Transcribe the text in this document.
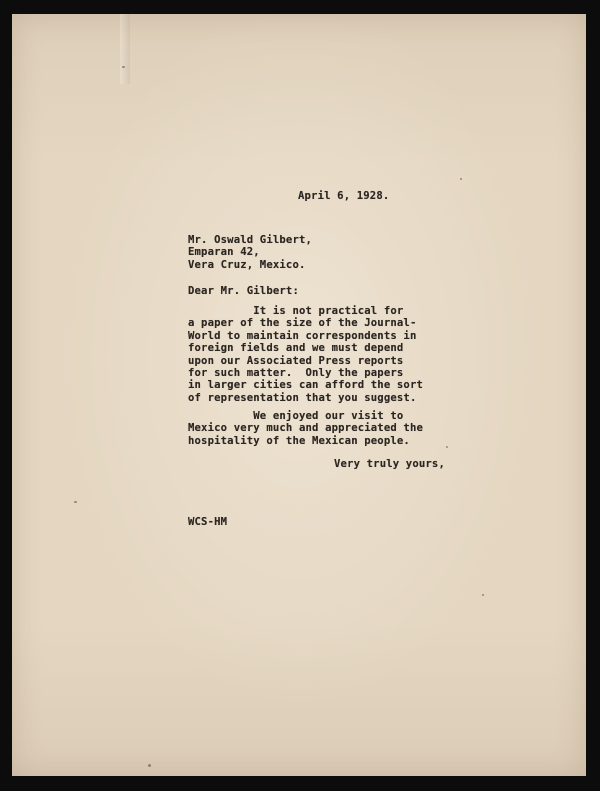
April 6, 1928.
Mr. Oswald Gilbert,
Emparan 42,
Vera Cruz, Mexico.
Dear Mr. Gilbert:
It is not practical for
a paper of the size of the Journal-
World to maintain correspondents in
foreign fields and we must depend
upon our Associated Press reports
for such matter.  Only the papers
in larger cities can afford the sort
of representation that you suggest.
We enjoyed our visit to
Mexico very much and appreciated the
hospitality of the Mexican people.
Very truly yours,
WCS-HM
